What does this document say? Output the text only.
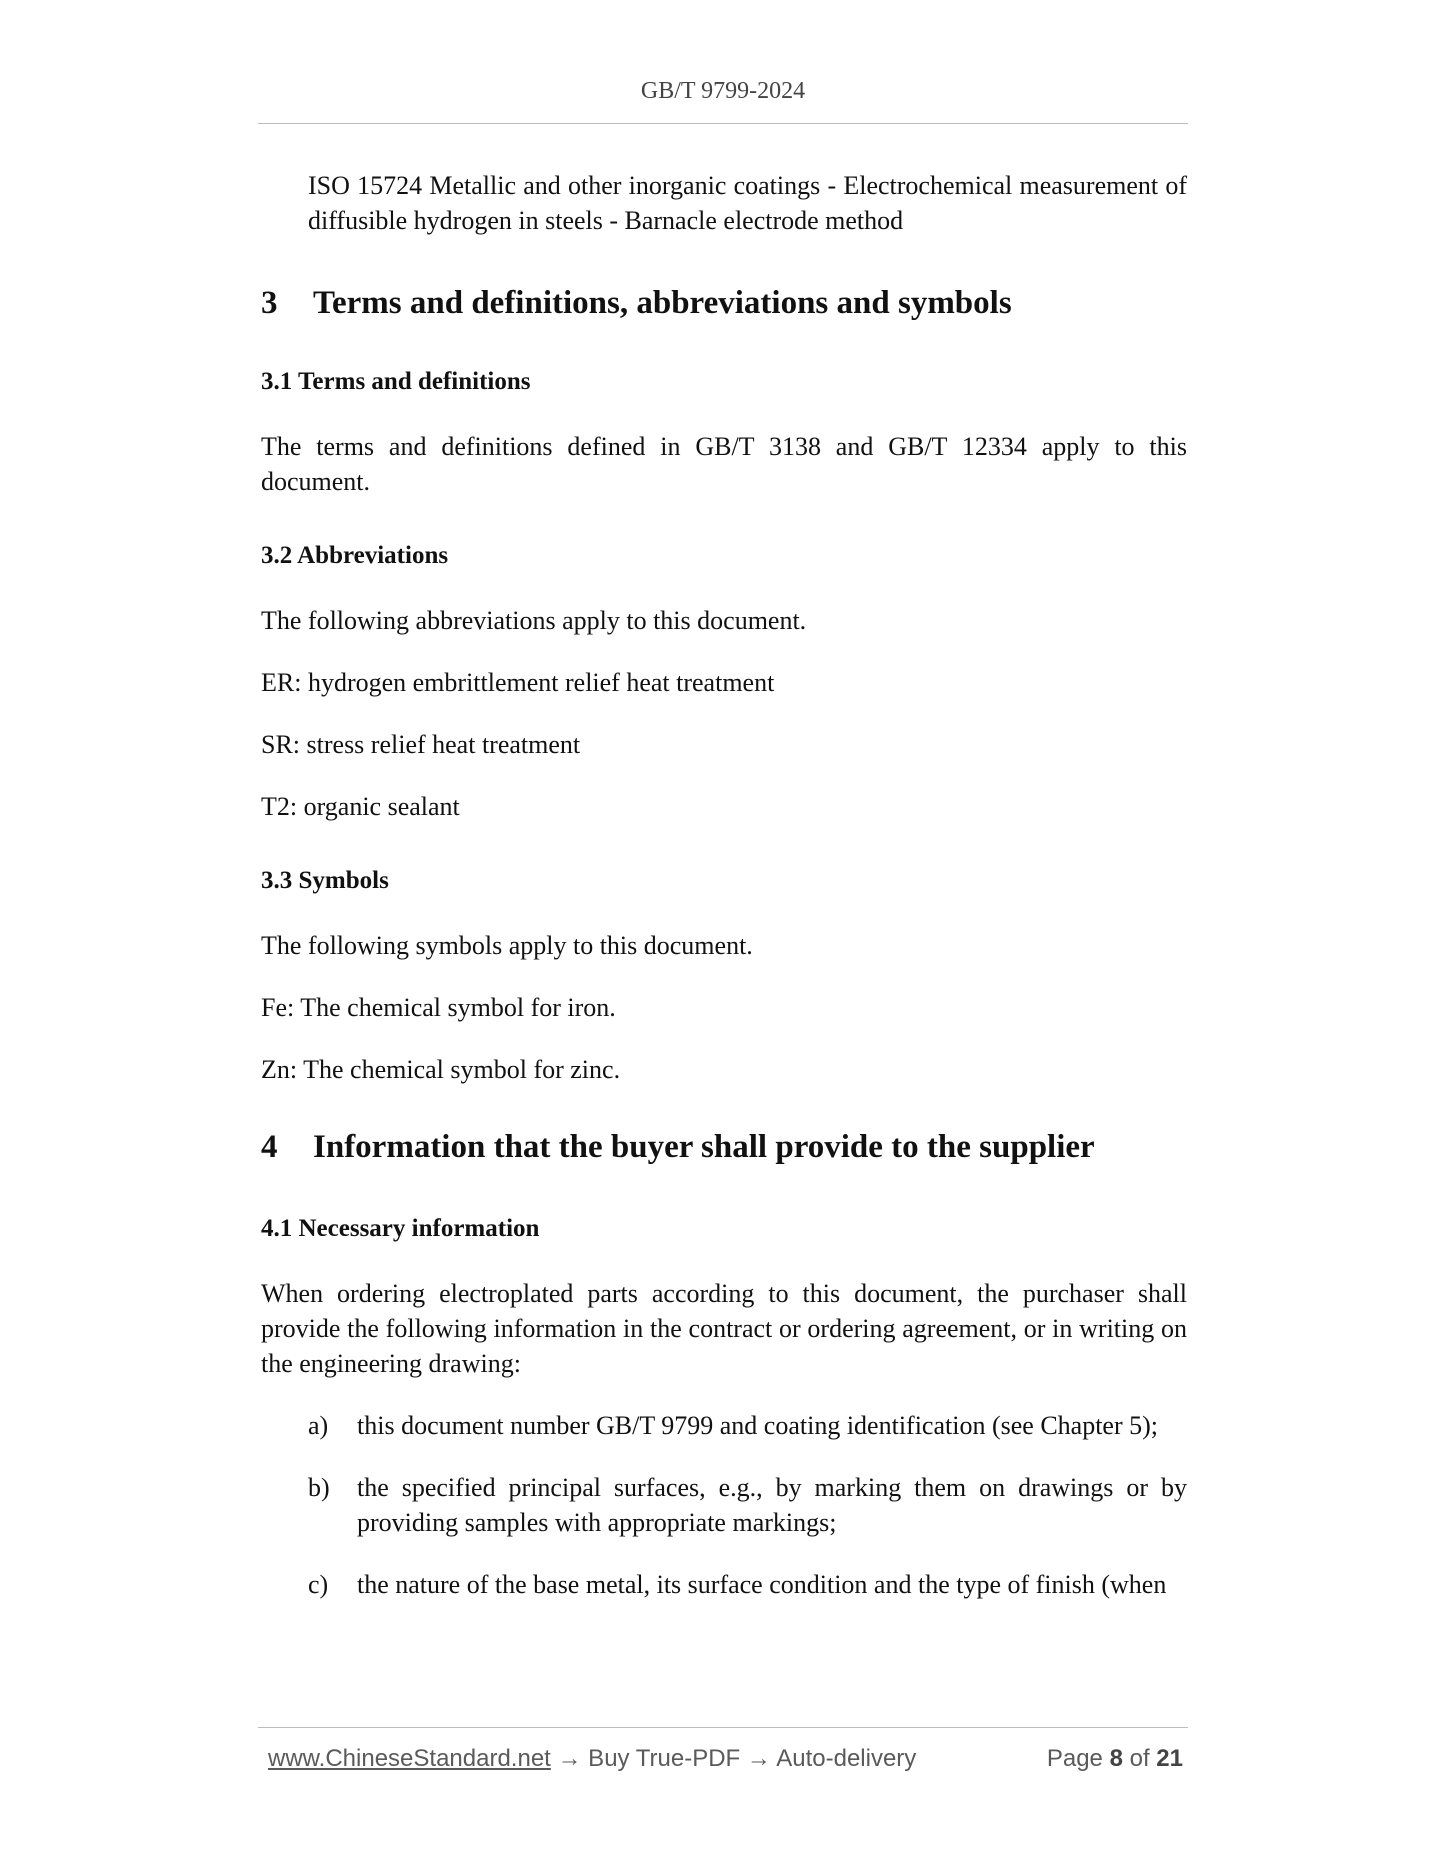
GB/T 9799-2024

ISO 15724 Metallic and other inorganic coatings - Electrochemical measurement of diffusible hydrogen in steels - Barnacle electrode method

3	Terms and definitions, abbreviations and symbols

3.1 Terms and definitions

The terms and definitions defined in GB/T 3138 and GB/T 12334 apply to this document.

3.2 Abbreviations

The following abbreviations apply to this document.

ER: hydrogen embrittlement relief heat treatment

SR: stress relief heat treatment

T2: organic sealant

3.3 Symbols

The following symbols apply to this document.

Fe: The chemical symbol for iron.

Zn: The chemical symbol for zinc.

4	Information that the buyer shall provide to the supplier

4.1 Necessary information

When ordering electroplated parts according to this document, the purchaser shall provide the following information in the contract or ordering agreement, or in writing on the engineering drawing:

a)	this document number GB/T 9799 and coating identification (see Chapter 5);
b)	the specified principal surfaces, e.g., by marking them on drawings or by providing samples with appropriate markings;
c)	the nature of the base metal, its surface condition and the type of finish (when
www.ChineseStandard.net → Buy True-PDF → Auto-delivery	Page 8 of 21
